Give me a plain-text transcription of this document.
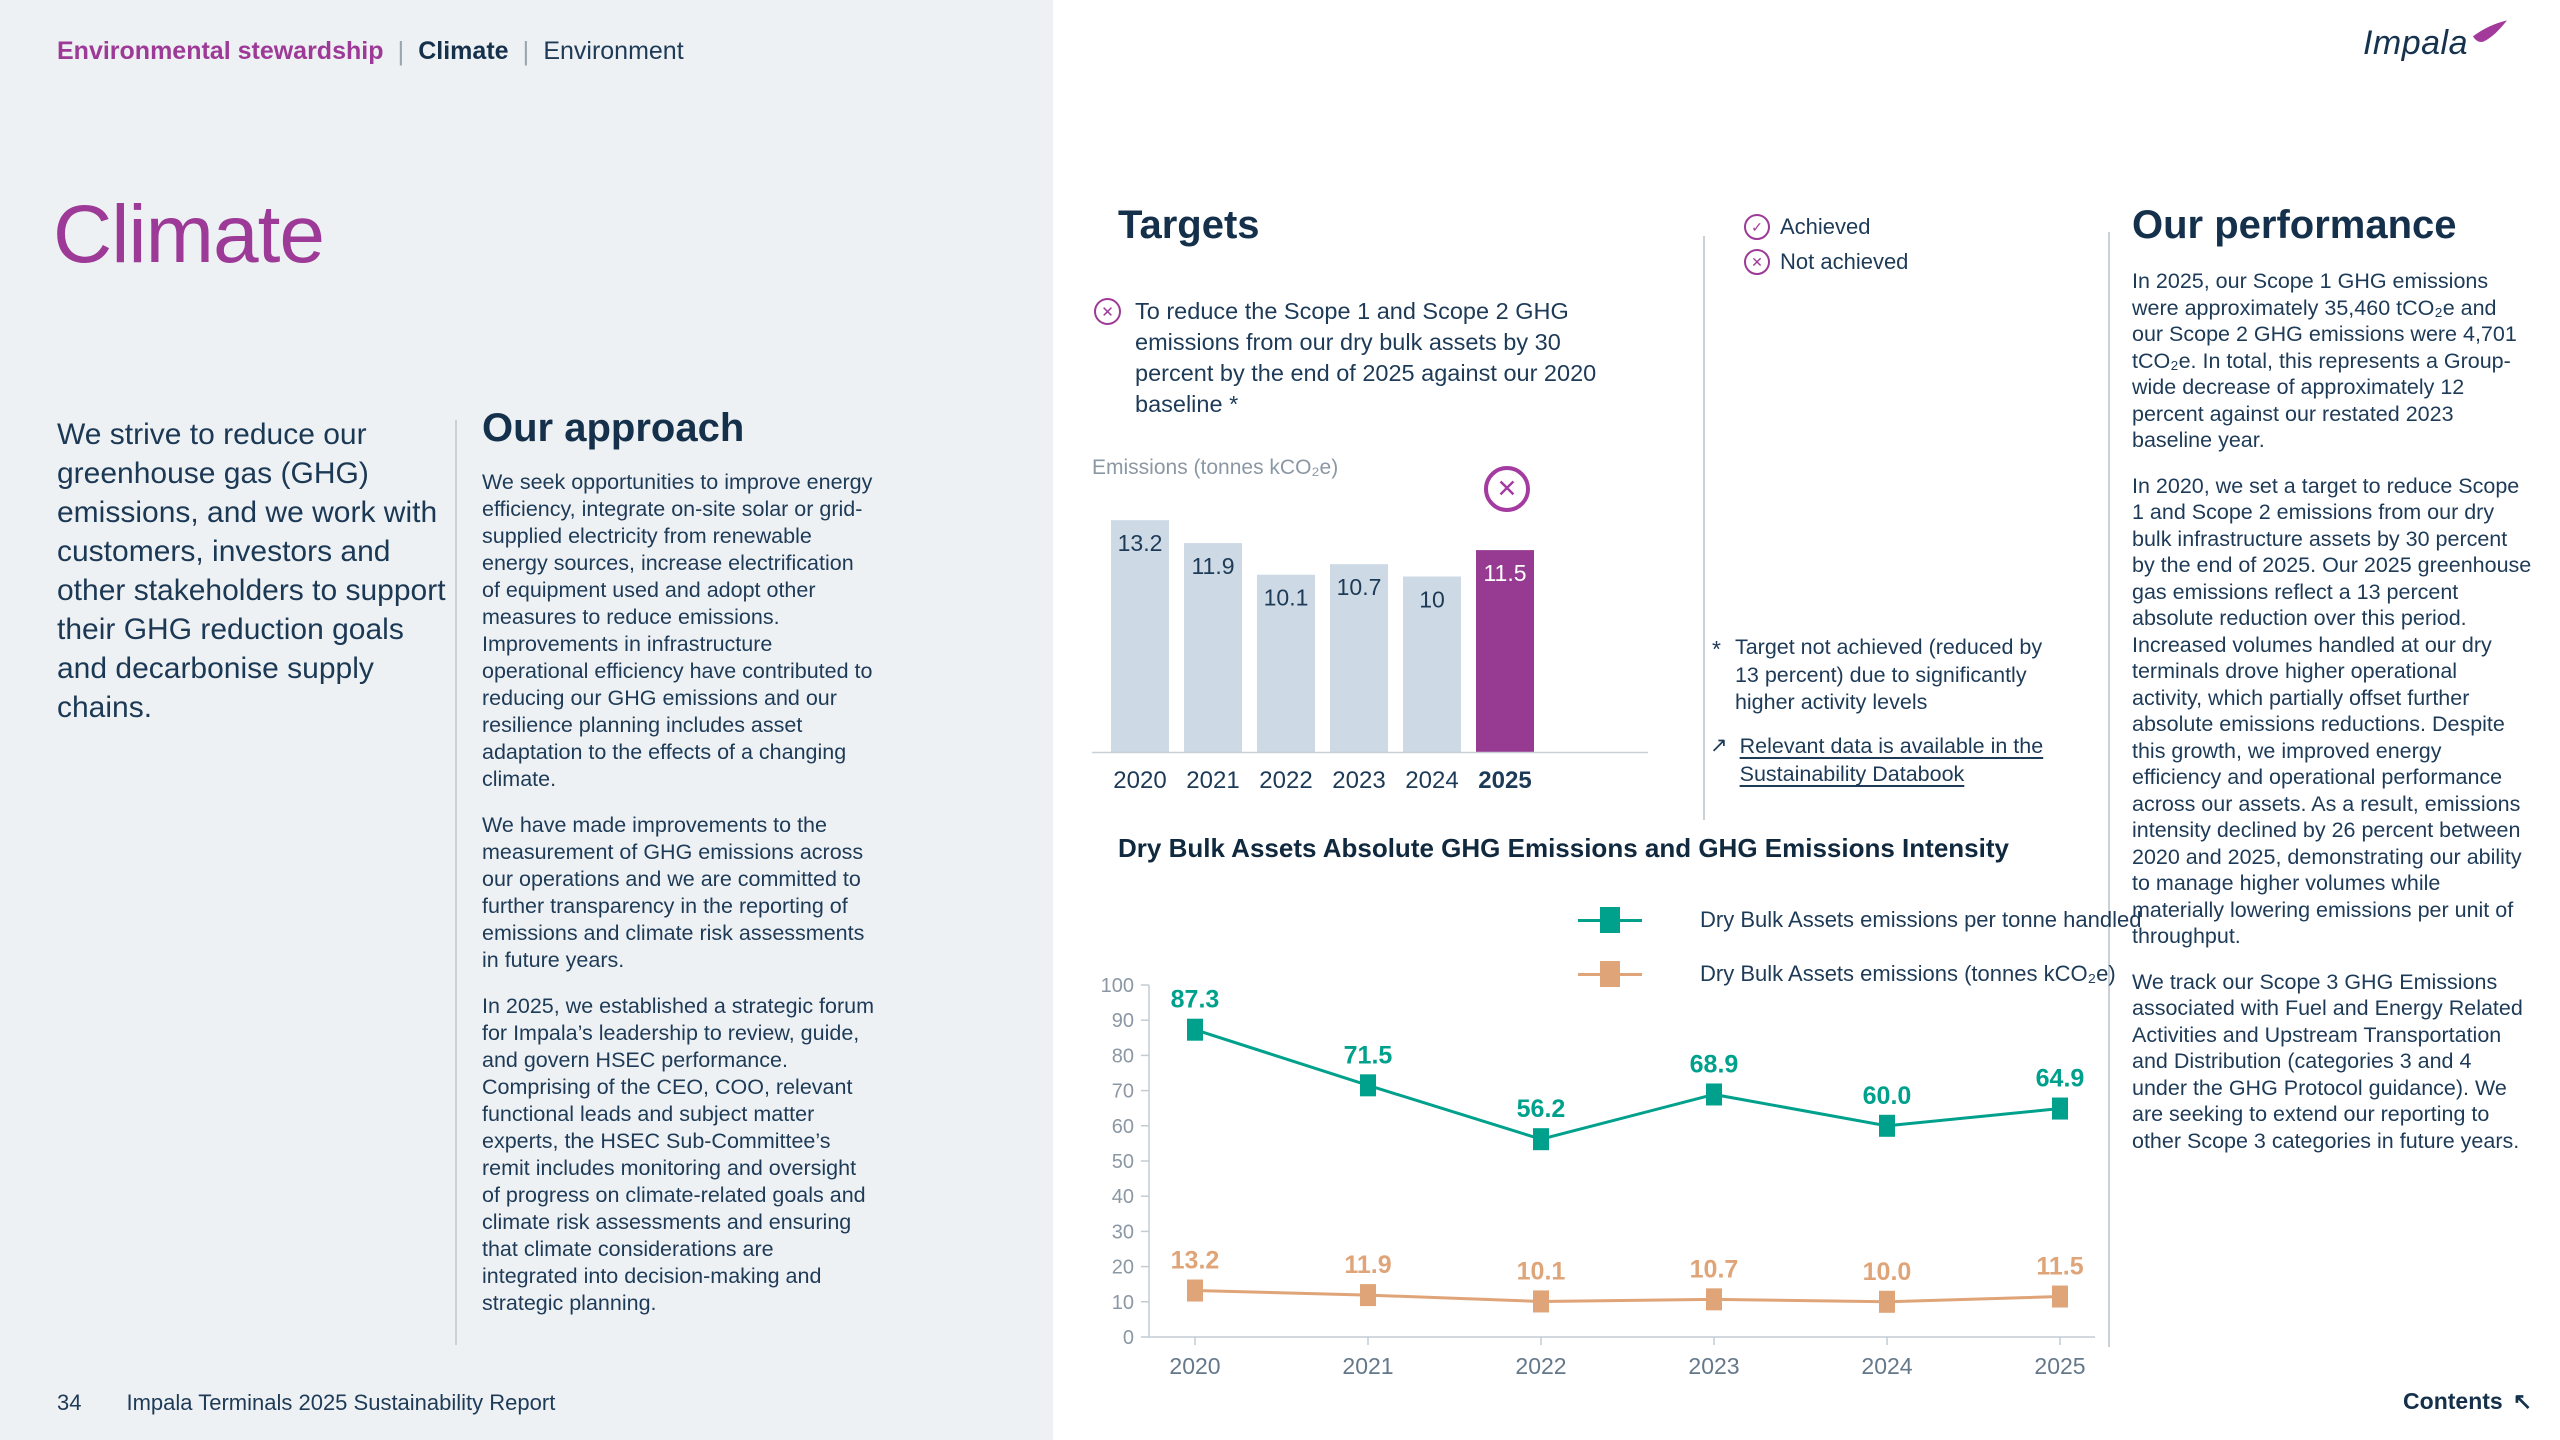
Environmental stewardship | Climate | Environment	Impala
Climate
We strive to reduce our greenhouse gas (GHG) emissions, and we work with customers, investors and other stakeholders to support their GHG reduction goals and decarbonise supply chains.
Our approach

We seek opportunities to improve energy efficiency, integrate on-site solar or grid-supplied electricity from renewable energy sources, increase electrification of equipment used and adopt other measures to reduce emissions. Improvements in infrastructure operational efficiency have contributed to reducing our GHG emissions and our resilience planning includes asset adaptation to the effects of a changing climate.

We have made improvements to the measurement of GHG emissions across our operations and we are committed to further transparency in the reporting of emissions and climate risk assessments in future years.

In 2025, we established a strategic forum for Impala’s leadership to review, guide, and govern HSEC performance. Comprising of the CEO, COO, relevant functional leads and subject matter experts, the HSEC Sub-Committee’s remit includes monitoring and oversight of progress on climate-related goals and climate risk assessments and ensuring that climate considerations are integrated into decision-making and strategic planning.

Targets
✕ To reduce the Scope 1 and Scope 2 GHG emissions from our dry bulk assets by 30 percent by the end of 2025 against our 2020 baseline *
Emissions (tonnes kCO₂e)
13.2
11.9
10.1 10.7 10
11.5
2020 2021 2022 2023 2024 2025
✕
✓ Achieved
✕ Not achieved
* Target not achieved (reduced by 13 percent) due to significantly higher activity levels
↗ Relevant data is available in the Sustainability Databook
Dry Bulk Assets Absolute GHG Emissions and GHG Emissions Intensity
Dry Bulk Assets emissions per tonne handled
Dry Bulk Assets emissions (tonnes kCO₂e)
0
10
20
30
40
50
60
70
80
90
100
2020	2021	2022	2023	2024	2025
87.3
71.5
56.2
68.9
60.0
64.9
13.2	11.9	10.1	10.7	10.0	11.5
Our performance

In 2025, our Scope 1 GHG emissions were approximately 35,460 tCO₂e and our Scope 2 GHG emissions were 4,701 tCO₂e. In total, this represents a Group-wide decrease of approximately 12 percent against our restated 2023 baseline year.

In 2020, we set a target to reduce Scope 1 and Scope 2 emissions from our dry bulk infrastructure assets by 30 percent by the end of 2025. Our 2025 greenhouse gas emissions reflect a 13 percent absolute reduction over this period. Increased volumes handled at our dry terminals drove higher operational activity, which partially offset further absolute emissions reductions. Despite this growth, we improved energy efficiency and operational performance across our assets. As a result, emissions intensity declined by 26 percent between 2020 and 2025, demonstrating our ability to manage higher volumes while materially lowering emissions per unit of throughput.

We track our Scope 3 GHG Emissions associated with Fuel and Energy Related Activities and Upstream Transportation and Distribution (categories 3 and 4 under the GHG Protocol guidance). We are seeking to extend our reporting to other Scope 3 categories in future years.

34 Impala Terminals 2025 Sustainability Report	Contents ↖
